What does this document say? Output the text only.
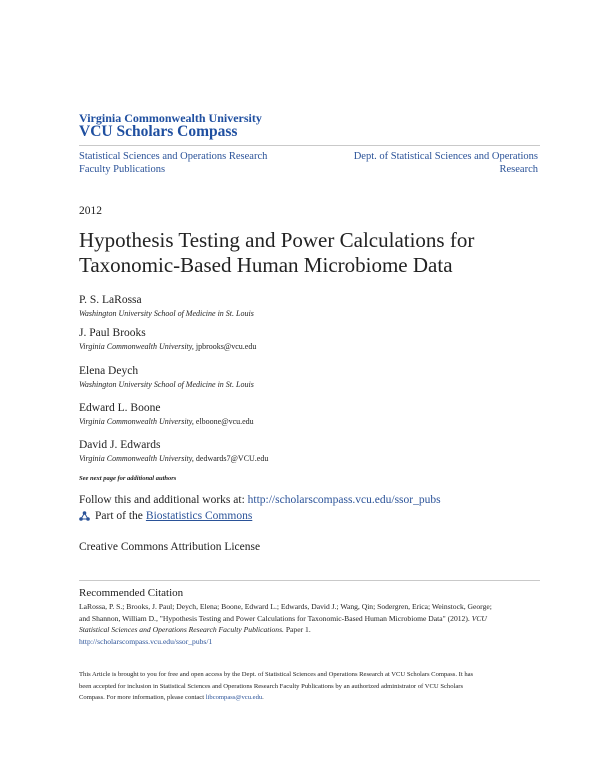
Virginia Commonwealth University
VCU Scholars Compass
Statistical Sciences and Operations Research
Faculty Publications
Dept. of Statistical Sciences and Operations
Research
2012
Hypothesis Testing and Power Calculations for
Taxonomic-Based Human Microbiome Data
P. S. LaRossa
Washington University School of Medicine in St. Louis
J. Paul Brooks
Virginia Commonwealth University, jpbrooks@vcu.edu
Elena Deych
Washington University School of Medicine in St. Louis
Edward L. Boone
Virginia Commonwealth University, elboone@vcu.edu
David J. Edwards
Virginia Commonwealth University, dedwards7@VCU.edu
See next page for additional authors
Follow this and additional works at: http://scholarscompass.vcu.edu/ssor_pubs
Part of the Biostatistics Commons
Creative Commons Attribution License
Recommended Citation
LaRossa, P. S.; Brooks, J. Paul; Deych, Elena; Boone, Edward L.; Edwards, David J.; Wang, Qin; Sodergren, Erica; Weinstock, George;
and Shannon, William D., "Hypothesis Testing and Power Calculations for Taxonomic-Based Human Microbiome Data" (2012). VCU
Statistical Sciences and Operations Research Faculty Publications. Paper 1.
http://scholarscompass.vcu.edu/ssor_pubs/1
This Article is brought to you for free and open access by the Dept. of Statistical Sciences and Operations Research at VCU Scholars Compass. It has
been accepted for inclusion in Statistical Sciences and Operations Research Faculty Publications by an authorized administrator of VCU Scholars
Compass. For more information, please contact libcompass@vcu.edu.
